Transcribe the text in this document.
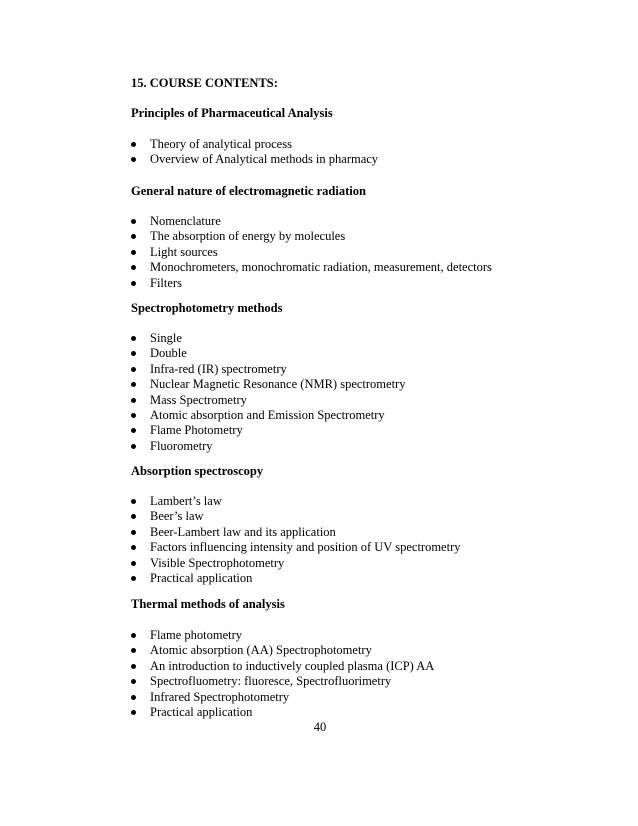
15. COURSE CONTENTS:
Principles of Pharmaceutical Analysis
Theory of analytical process
Overview of Analytical methods in pharmacy
General nature of electromagnetic radiation
Nomenclature
The absorption of energy by molecules
Light sources
Monochrometers, monochromatic radiation, measurement, detectors
Filters
Spectrophotometry methods
Single
Double
Infra-red (IR) spectrometry
Nuclear Magnetic Resonance (NMR) spectrometry
Mass Spectrometry
Atomic absorption and Emission Spectrometry
Flame Photometry
Fluorometry
Absorption spectroscopy
Lambert’s law
Beer’s law
Beer-Lambert law and its application
Factors influencing intensity and position of UV spectrometry
Visible Spectrophotometry
Practical application
Thermal methods of analysis
Flame photometry
Atomic absorption (AA) Spectrophotometry
An introduction to inductively coupled plasma (ICP) AA
Spectrofluometry: fluoresce, Spectrofluorimetry
Infrared Spectrophotometry
Practical application
40
